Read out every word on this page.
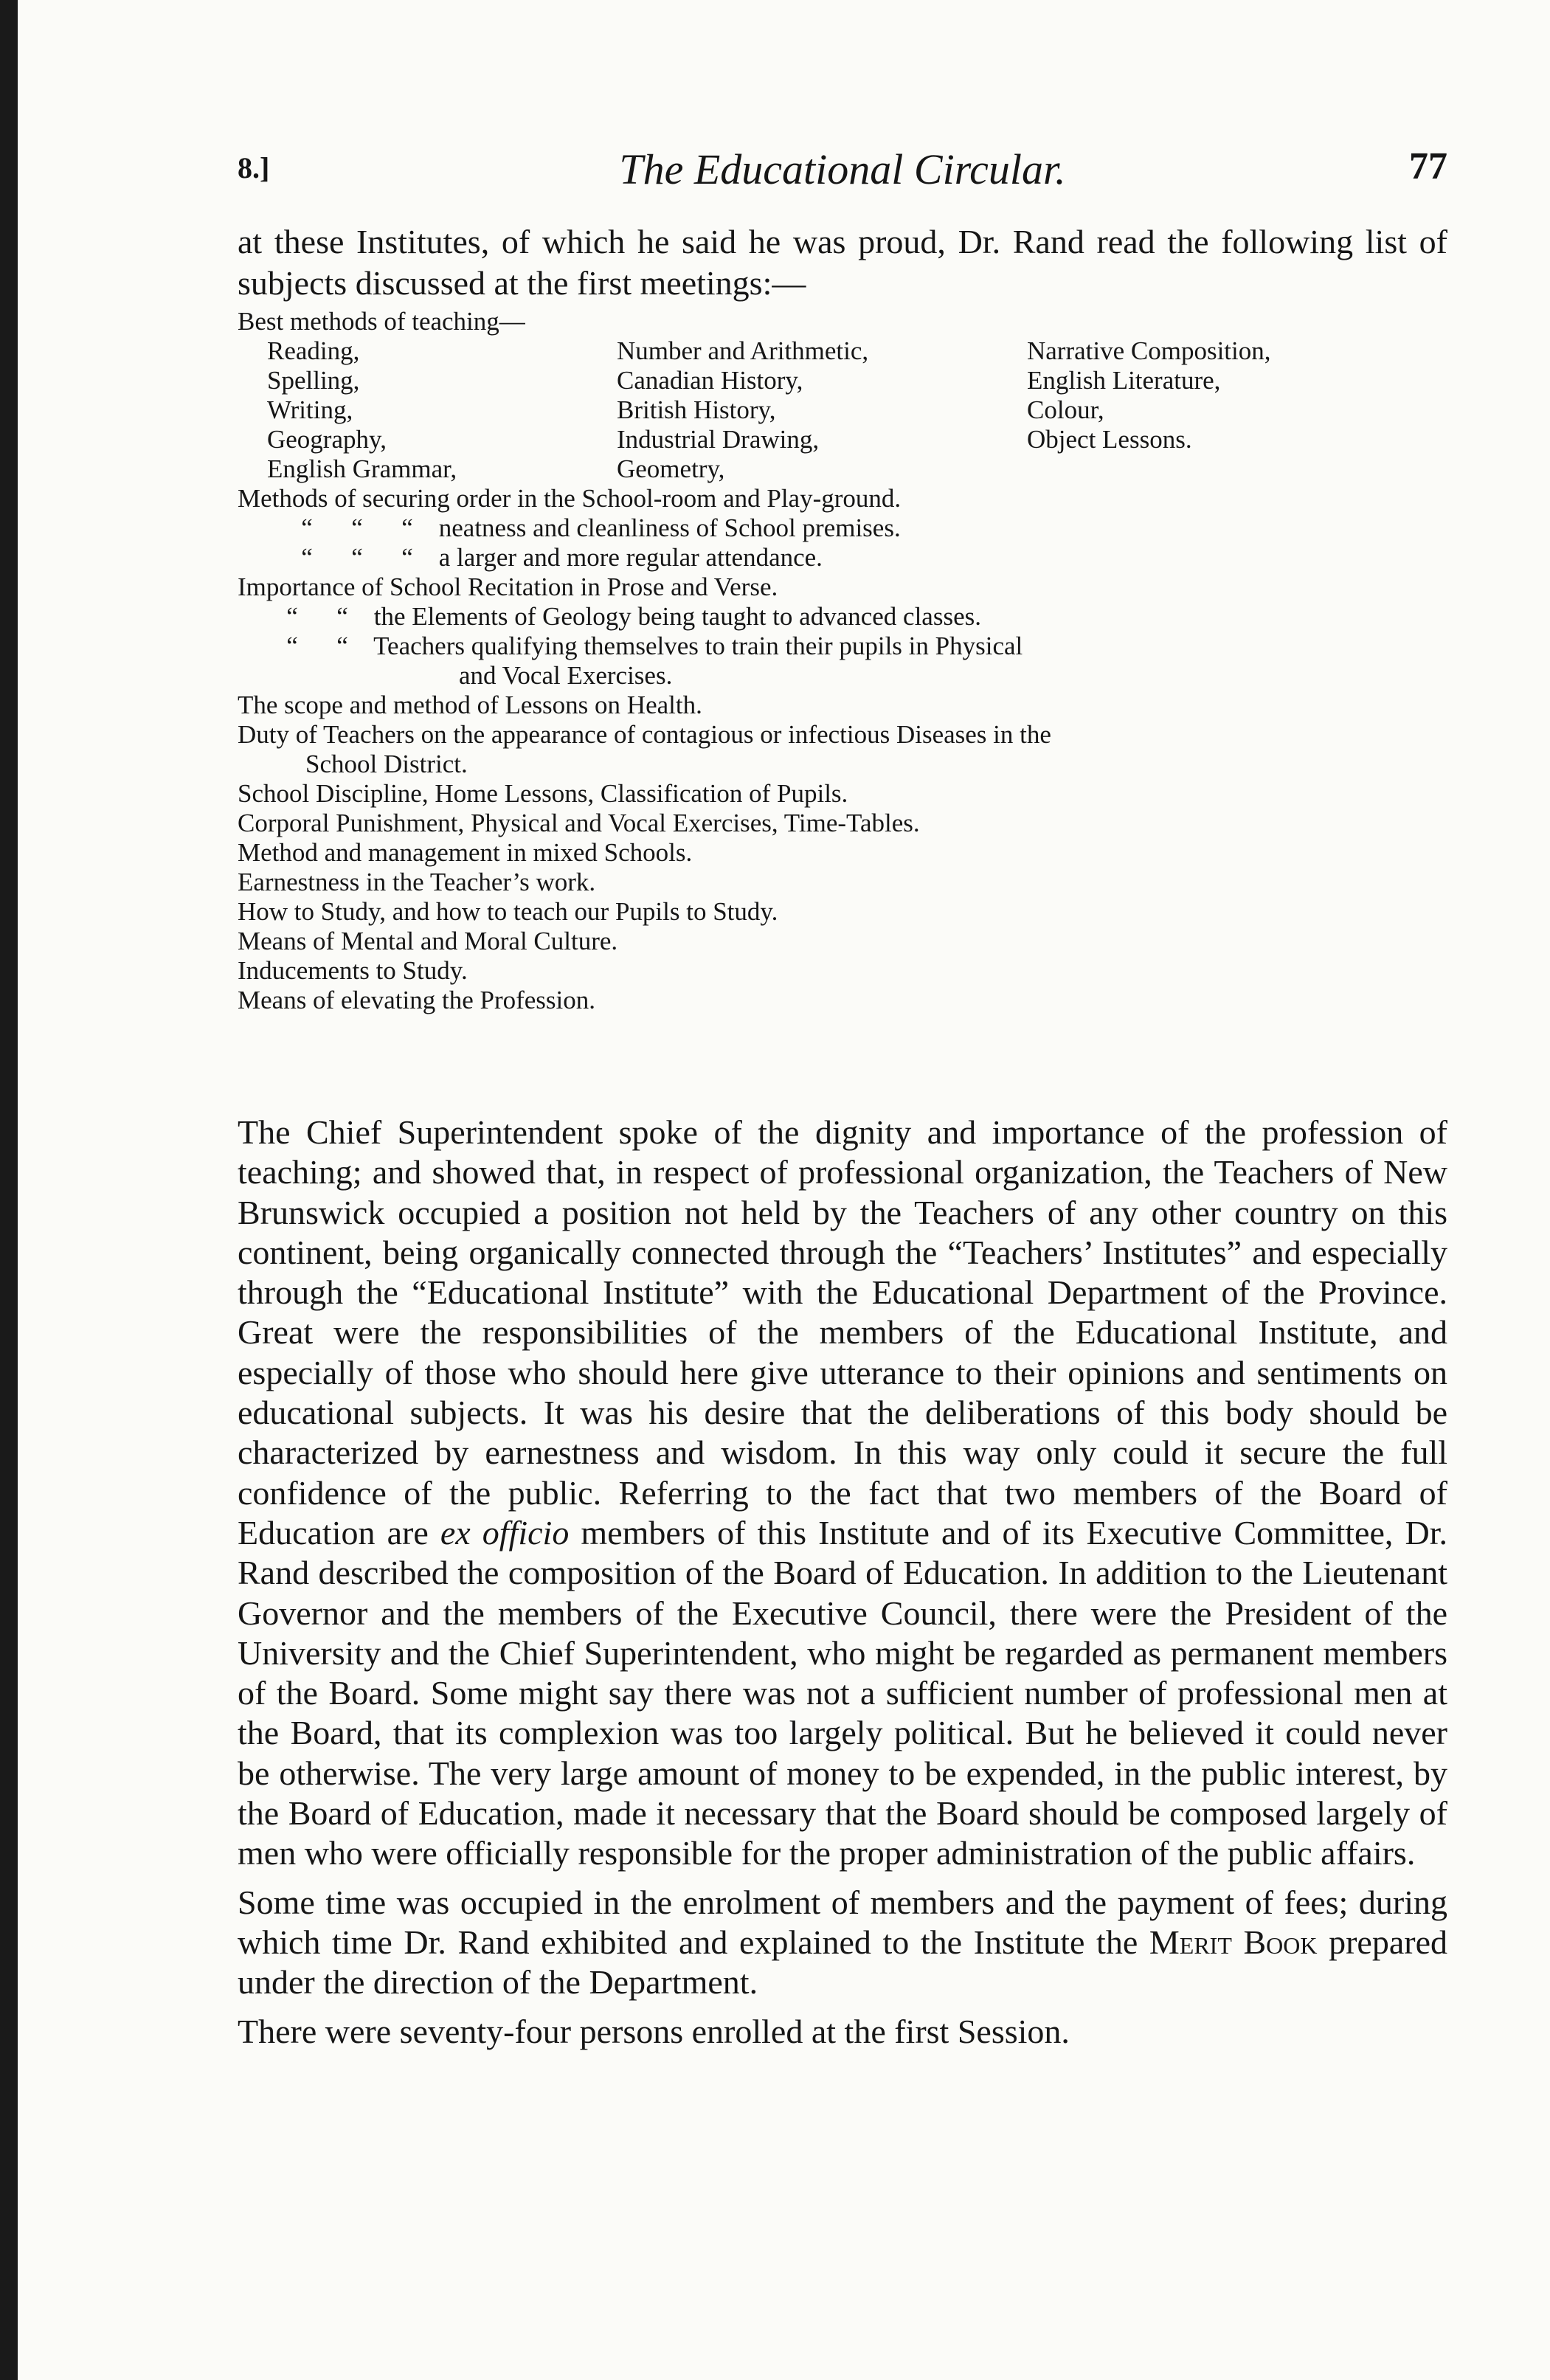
8.]	The Educational Circular.	77
at these Institutes, of which he said he was proud, Dr. Rand read the following list of subjects discussed at the first meetings:—
Best methods of teaching—
Reading,
Spelling,
Writing,
Geography,
English Grammar,
Number and Arithmetic,
Canadian History,
British History,
Industrial Drawing,
Geometry,
Narrative Composition,
English Literature,
Colour,
Object Lessons.
Methods of securing order in the School-room and Play-ground.
“ “ “ neatness and cleanliness of School premises.
“ “ “ a larger and more regular attendance.
Importance of School Recitation in Prose and Verse.
“ “ the Elements of Geology being taught to advanced classes.
“ “ Teachers qualifying themselves to train their pupils in Physical
and Vocal Exercises.
The scope and method of Lessons on Health.
Duty of Teachers on the appearance of contagious or infectious Diseases in the
School District.
School Discipline, Home Lessons, Classification of Pupils.
Corporal Punishment, Physical and Vocal Exercises, Time-Tables.
Method and management in mixed Schools.
Earnestness in the Teacher’s work.
How to Study, and how to teach our Pupils to Study.
Means of Mental and Moral Culture.
Inducements to Study.
Means of elevating the Profession.

The Chief Superintendent spoke of the dignity and importance of the profession of teaching; and showed that, in respect of professional organization, the Teachers of New Brunswick occupied a position not held by the Teachers of any other country on this continent, being organically connected through the “Teachers’ Institutes” and especially through the “Educational Institute” with the Educational Department of the Province. Great were the responsibilities of the members of the Educational Institute, and especially of those who should here give utterance to their opinions and sentiments on educational subjects. It was his desire that the deliberations of this body should be characterized by earnestness and wisdom. In this way only could it secure the full confidence of the public. Referring to the fact that two members of the Board of Education are ex officio members of this Institute and of its Executive Committee, Dr. Rand described the composition of the Board of Education. In addition to the Lieutenant Governor and the members of the Executive Council, there were the President of the University and the Chief Superintendent, who might be regarded as permanent members of the Board. Some might say there was not a sufficient number of professional men at the Board, that its complexion was too largely political. But he believed it could never be otherwise. The very large amount of money to be expended, in the public interest, by the Board of Education, made it necessary that the Board should be composed largely of men who were officially responsible for the proper administration of the public affairs.

Some time was occupied in the enrolment of members and the payment of fees; during which time Dr. Rand exhibited and explained to the Institute the Merit Book prepared under the direction of the Department.

There were seventy-four persons enrolled at the first Session.
